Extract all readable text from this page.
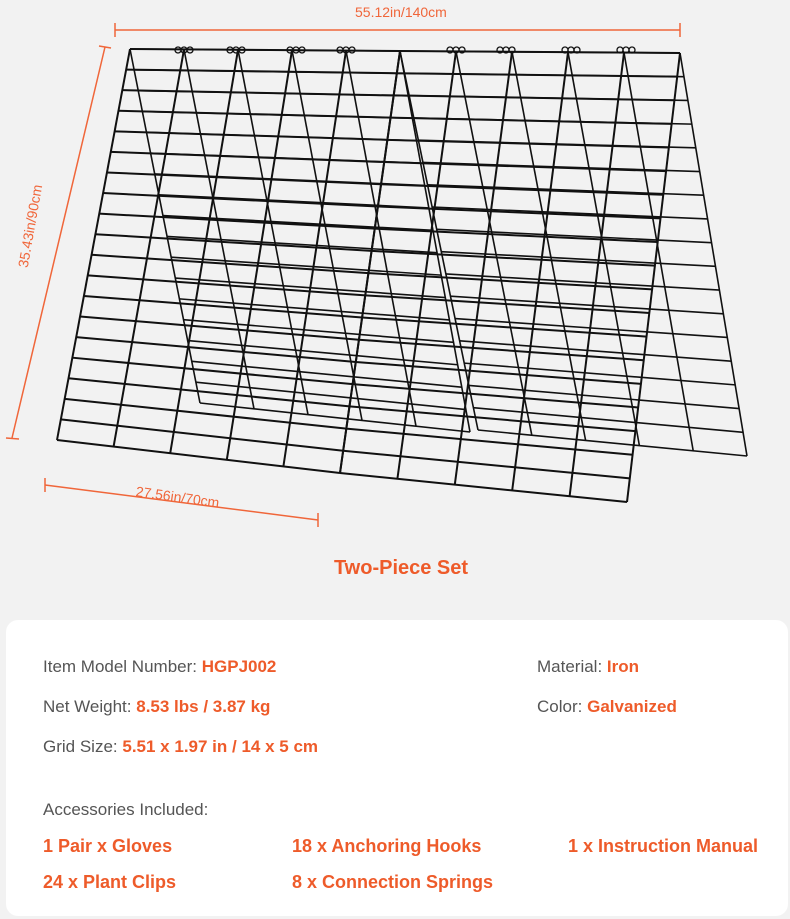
55.12in/140cm
35.43in/90cm
27.56in/70cm
Two-Piece Set
Item Model Number: HGPJ002
Net Weight: 8.53 lbs / 3.87 kg
Grid Size: 5.51 x 1.97 in / 14 x 5 cm
Material: Iron
Color: Galvanized
Accessories Included:
1 Pair x Gloves	18 x Anchoring Hooks	1 x Instruction Manual
24 x Plant Clips	8 x Connection Springs
